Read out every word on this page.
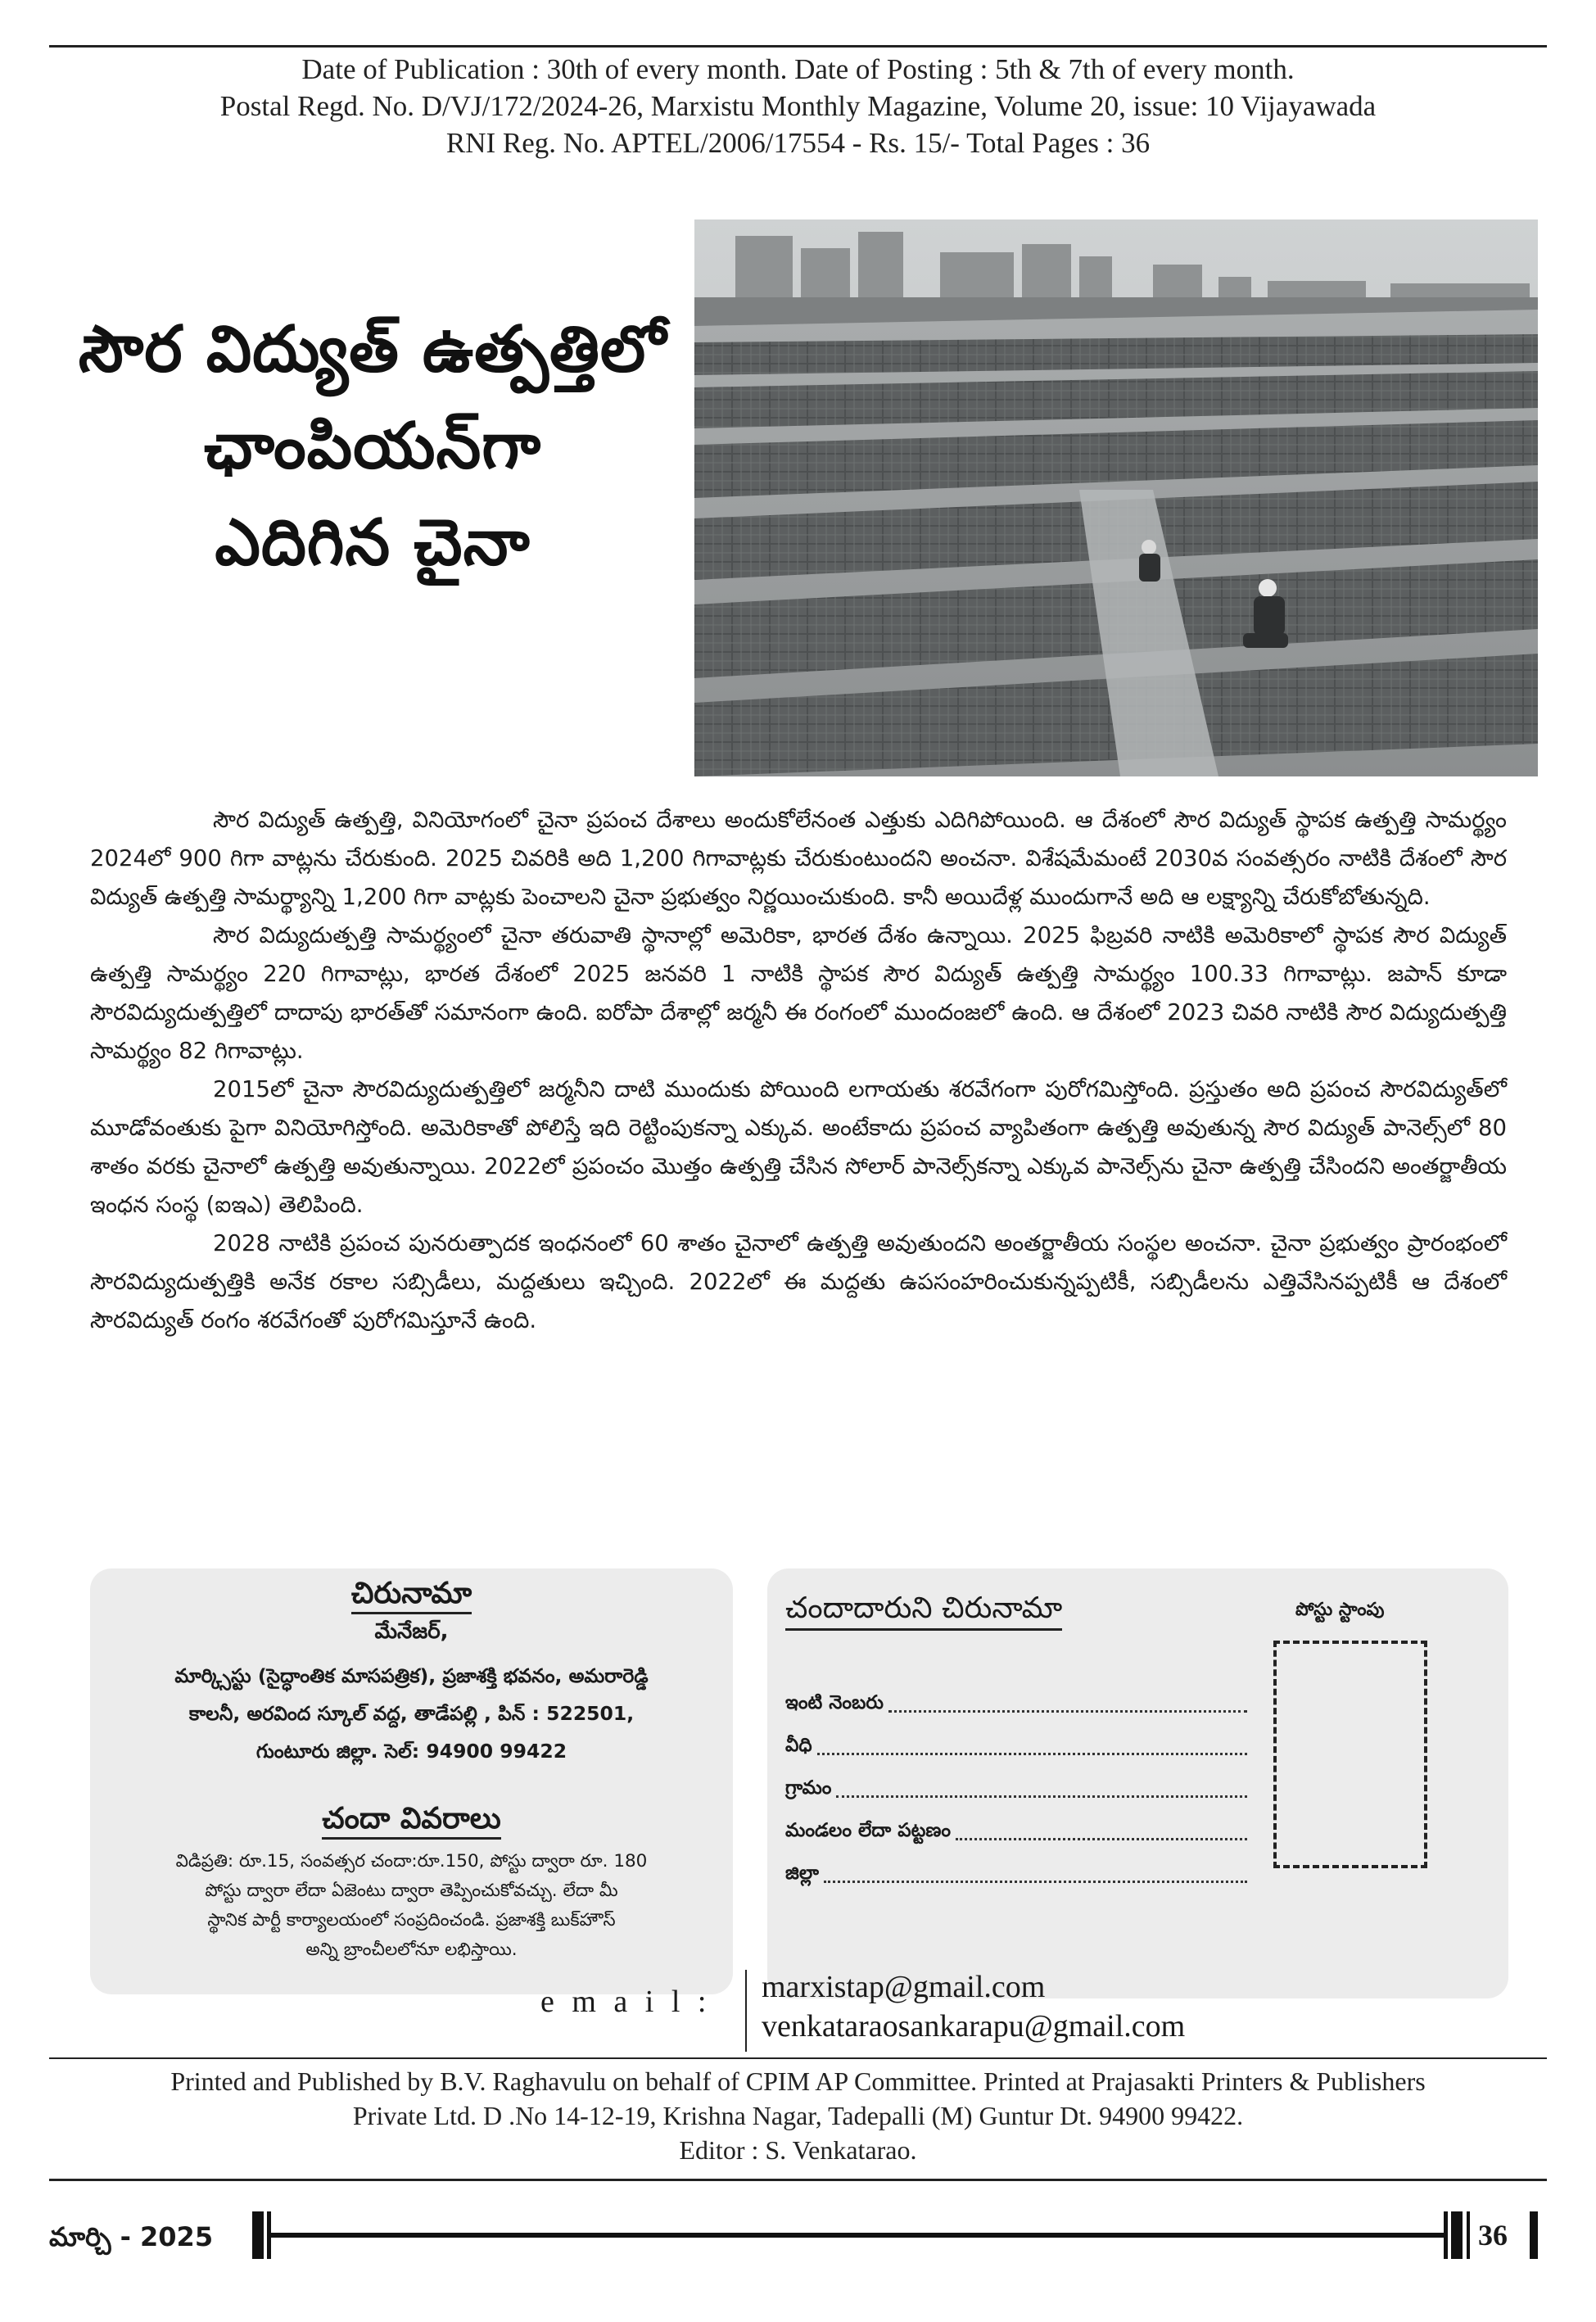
Date of Publication : 30th of every month. Date of Posting : 5th & 7th of every month.
Postal Regd. No. D/VJ/172/2024-26, Marxistu Monthly Magazine, Volume 20, issue: 10 Vijayawada
RNI Reg. No. APTEL/2006/17554 - Rs. 15/- Total Pages : 36
సౌర విద్యుత్‌ ఉత్పత్తిలో
ఛాంపియన్‌గా
ఎదిగిన చైనా

సౌర విద్యుత్‌ ఉత్పత్తి, వినియోగంలో చైనా ప్రపంచ దేశాలు అందుకోలేనంత ఎత్తుకు ఎదిగిపోయింది. ఆ దేశంలో సౌర విద్యుత్‌ స్థాపక ఉత్పత్తి సామర్థ్యం 2024లో 900 గిగా వాట్లను చేరుకుంది. 2025 చివరికి అది 1,200 గిగావాట్లకు చేరుకుంటుందని అంచనా. విశేషమేమంటే 2030వ సంవత్సరం నాటికి దేశంలో సౌర విద్యుత్‌ ఉత్పత్తి సామర్థ్యాన్ని 1,200 గిగా వాట్లకు పెంచాలని చైనా ప్రభుత్వం నిర్ణయించుకుంది. కానీ అయిదేళ్ల ముందుగానే అది ఆ లక్ష్యాన్ని చేరుకోబోతున్నది.

సౌర విద్యుదుత్పత్తి సామర్థ్యంలో చైనా తరువాతి స్థానాల్లో అమెరికా, భారత దేశం ఉన్నాయి. 2025 ఫిబ్రవరి నాటికి అమెరికాలో స్థాపక సౌర విద్యుత్‌ ఉత్పత్తి సామర్థ్యం 220 గిగావాట్లు, భారత దేశంలో 2025 జనవరి 1 నాటికి స్థాపక సౌర విద్యుత్‌ ఉత్పత్తి సామర్థ్యం 100.33 గిగావాట్లు. జపాన్‌ కూడా సౌరవిద్యుదుత్పత్తిలో దాదాపు భారత్‌తో సమానంగా ఉంది. ఐరోపా దేశాల్లో జర్మనీ ఈ రంగంలో ముందంజలో ఉంది. ఆ దేశంలో 2023 చివరి నాటికి సౌర విద్యుదుత్పత్తి సామర్థ్యం 82 గిగావాట్లు.

2015లో చైనా సౌరవిద్యుదుత్పత్తిలో జర్మనీని దాటి ముందుకు పోయింది లగాయతు శరవేగంగా పురోగమిస్తోంది. ప్రస్తుతం అది ప్రపంచ సౌరవిద్యుత్‌లో మూడోవంతుకు పైగా వినియోగిస్తోంది. అమెరికాతో పోలిస్తే ఇది రెట్టింపుకన్నా ఎక్కువ. అంటేకాదు ప్రపంచ వ్యాపితంగా ఉత్పత్తి అవుతున్న సౌర విద్యుత్‌ పానెల్స్‌లో 80 శాతం వరకు చైనాలో ఉత్పత్తి అవుతున్నాయి. 2022లో ప్రపంచం మొత్తం ఉత్పత్తి చేసిన సోలార్‌ పానెల్స్‌కన్నా ఎక్కువ పానెల్స్‌ను చైనా ఉత్పత్తి చేసిందని అంతర్జాతీయ ఇంధన సంస్థ (ఐఇఎ) తెలిపింది.

2028 నాటికి ప్రపంచ పునరుత్పాదక ఇంధనంలో 60 శాతం చైనాలో ఉత్పత్తి అవుతుందని అంతర్జాతీయ సంస్థల అంచనా. చైనా ప్రభుత్వం ప్రారంభంలో సౌరవిద్యుదుత్పత్తికి అనేక రకాల సబ్సిడీలు, మద్దతులు ఇచ్చింది. 2022లో ఈ మద్దతు ఉపసంహరించుకున్నప్పటికీ, సబ్సిడీలను ఎత్తివేసినప్పటికీ ఆ దేశంలో సౌరవిద్యుత్‌ రంగం శరవేగంతో పురోగమిస్తూనే ఉంది.

చిరునామా
మేనేజర్‌,
మార్క్సిస్టు (సైద్ధాంతిక మాసపత్రిక), ప్రజాశక్తి భవనం, అమరారెడ్డి
కాలనీ, అరవింద స్కూల్‌ వద్ద, తాడేపల్లి , పిన్‌ : 522501,
గుంటూరు జిల్లా. సెల్‌: 94900 99422
చందా వివరాలు
విడిప్రతి: రూ.15, సంవత్సర చందా:రూ.150, పోస్టు ద్వారా రూ. 180
పోస్టు ద్వారా లేదా ఏజెంటు ద్వారా తెప్పించుకోవచ్చు. లేదా మీ
స్థానిక పార్టీ కార్యాలయంలో సంప్రదించండి. ప్రజాశక్తి బుక్‌హౌస్‌
అన్ని బ్రాంచీలలోనూ లభిస్తాయి.
చందాదారుని చిరునామా	పోస్టు స్టాంపు
ఇంటి నెంబరు
వీధి
గ్రామం
మండలం లేదా పట్టణం
జిల్లా
e m a i l : marxistap@gmail.com
venkataraosankarapu@gmail.com
Printed and Published by B.V. Raghavulu on behalf of CPIM AP Committee. Printed at Prajasakti Printers & Publishers
Private Ltd. D .No 14-12-19, Krishna Nagar, Tadepalli (M) Guntur Dt. 94900 99422.
Editor : S. Venkatarao.
మార్చి - 2025	36
